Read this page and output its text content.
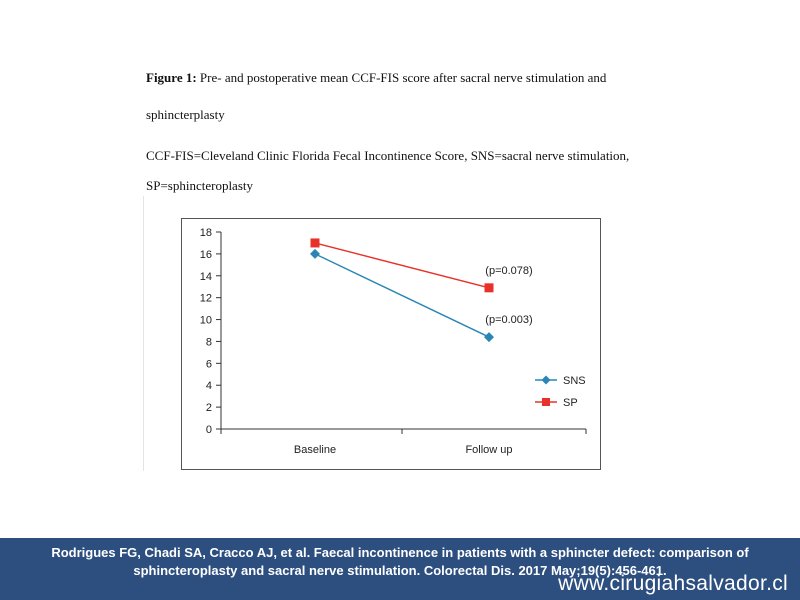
Figure 1: Pre- and postoperative mean CCF-FIS score after sacral nerve stimulation and
sphincterplasty
CCF-FIS=Cleveland Clinic Florida Fecal Incontinence Score, SNS=sacral nerve stimulation,
SP=sphincteroplasty
0
2
4
6
8
10
12
14
16
18
Baseline	Follow up
(p=0.003)
(p=0.078)
SNS
SP
Rodrigues FG, Chadi SA, Cracco AJ, et al. Faecal incontinence in patients with a sphincter defect: comparison of
sphincteroplasty and sacral nerve stimulation. Colorectal Dis. 2017 May;19(5):456-461.
www.cirugiahsalvador.cl
